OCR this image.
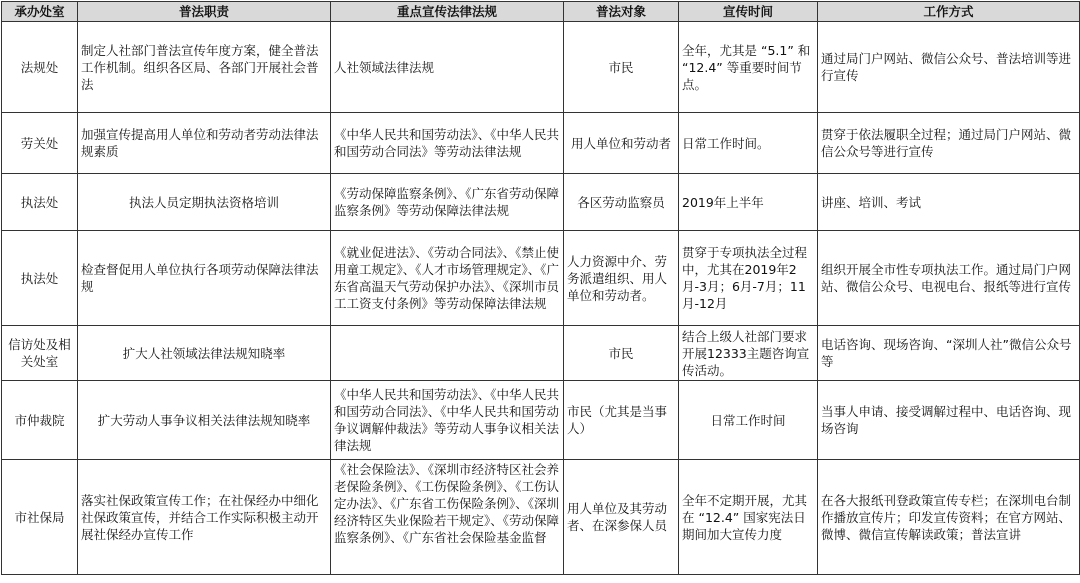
承办处室	普法职责	重点宣传法律法规	普法对象	宣传时间	工作方式
法规处	制定人社部门普法宣传年度方案，健全普法工作机制。组织各区局、各部门开展社会普法	人社领域法律法规	市民	全年，尤其是 “5.1” 和 “12.4” 等重要时间节点。	通过局门户网站、微信公众号、普法培训等进行宣传
劳关处	加强宣传提高用人单位和劳动者劳动法律法规素质	《中华人民共和国劳动法》、《中华人民共和国劳动合同法》等劳动法律法规	用人单位和劳动者	日常工作时间。	贯穿于依法履职全过程；通过局门户网站、微信公众号等进行宣传
执法处	执法人员定期执法资格培训	《劳动保障监察条例》、《广东省劳动保障监察条例》等劳动保障法律法规	各区劳动监察员	2019年上半年	讲座、培训、考试
执法处	检查督促用人单位执行各项劳动保障法律法规	《就业促进法》、《劳动合同法》、《禁止使用童工规定》、《人才市场管理规定》、《广东省高温天气劳动保护办法》、《深圳市员工工资支付条例》等劳动保障法律法规	人力资源中介、劳务派遣组织、用人单位和劳动者。	贯穿于专项执法全过程中，尤其在2019年2月-3月；6月-7月；11月-12月	组织开展全市性专项执法工作。通过局门户网站、微信公众号、电视电台、报纸等进行宣传
信访处及相关处室	扩大人社领域法律法规知晓率		市民	结合上级人社部门要求开展12333主题咨询宣传活动。	电话咨询、现场咨询、“深圳人社”微信公众号等
市仲裁院	扩大劳动人事争议相关法律法规知晓率	《中华人民共和国劳动法》、《中华人民共和国劳动合同法》、《中华人民共和国劳动争议调解仲裁法》等劳动人事争议相关法律法规	市民（尤其是当事人）	日常工作时间	当事人申请、接受调解过程中、电话咨询、现场咨询
市社保局	落实社保政策宣传工作；在社保经办中细化社保政策宣传，并结合工作实际积极主动开展社保经办宣传工作	《社会保险法》、《深圳市经济特区社会养老保险条例》、《工伤保险条例》、《工伤认定办法》、《广东省工伤保险条例》、《深圳经济特区失业保险若干规定》、《劳动保障监察条例》、《广东省社会保险基金监督	用人单位及其劳动者、在深参保人员	全年不定期开展，尤其在 “12.4” 国家宪法日期间加大宣传力度	在各大报纸刊登政策宣传专栏；在深圳电台制作播放宣传片；印发宣传资料；在官方网站、微博、微信宣传解读政策；普法宣讲
